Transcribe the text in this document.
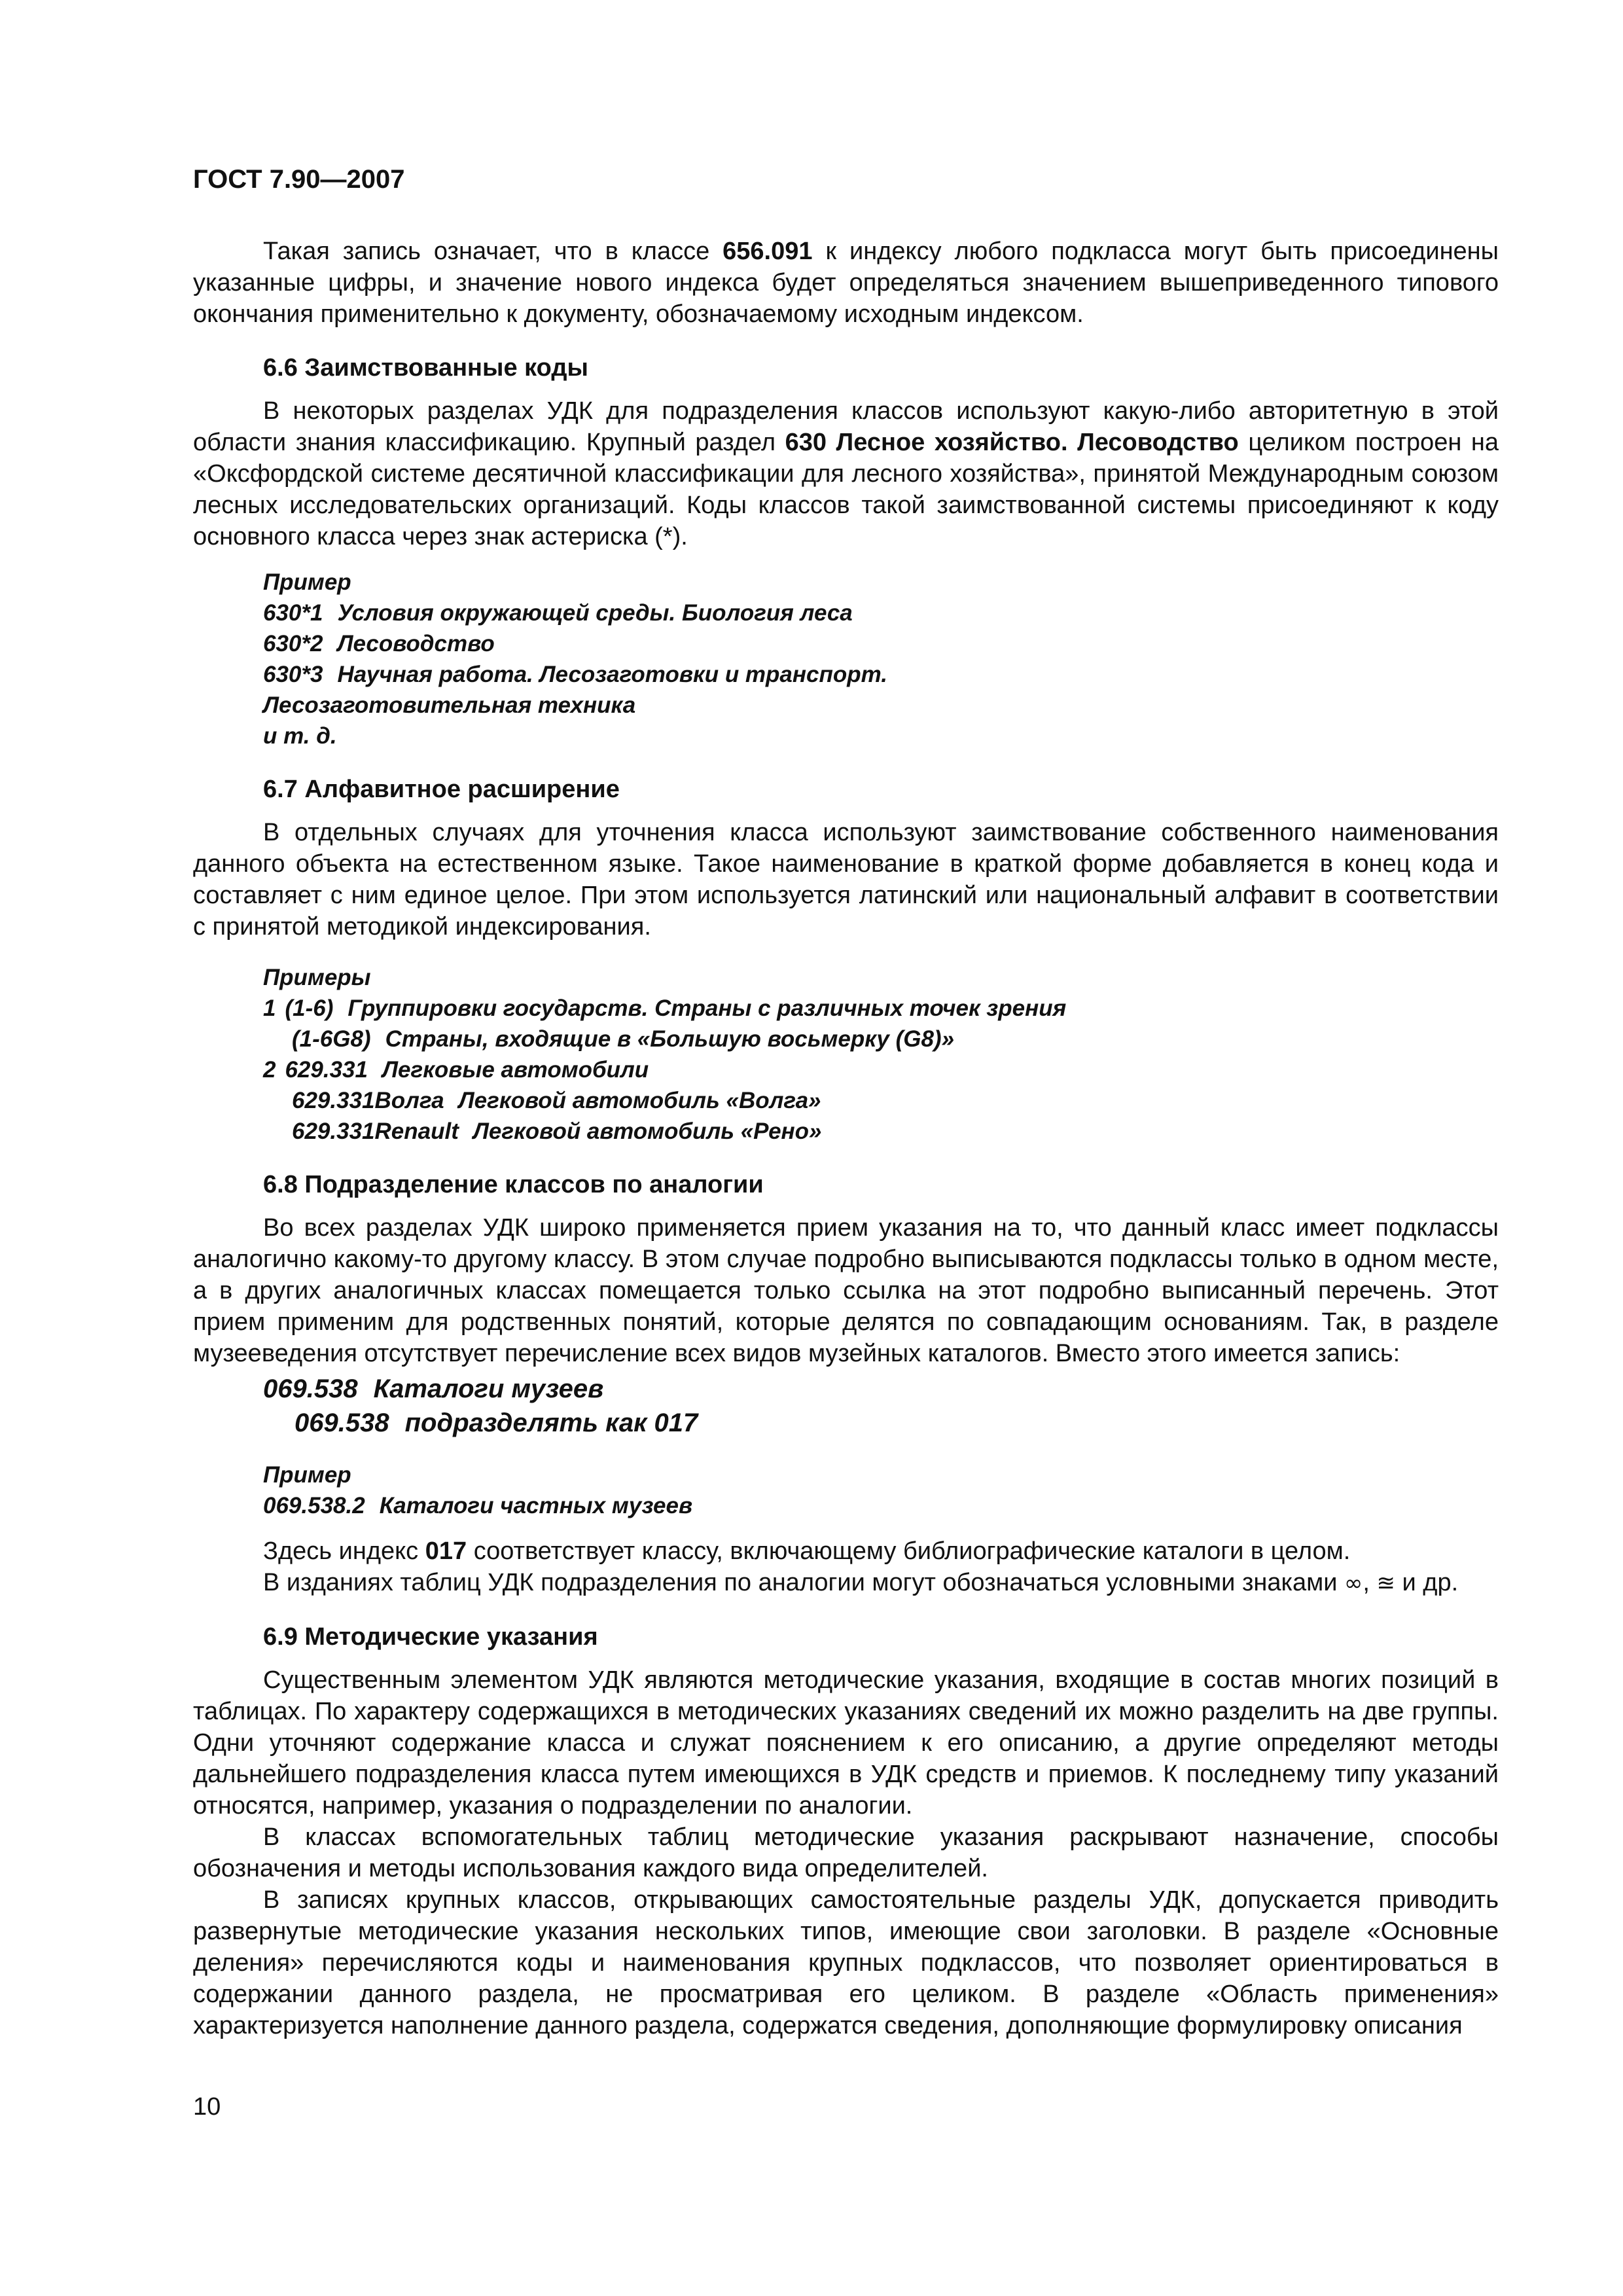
ГОСТ 7.90—2007

Такая запись означает, что в классе 656.091 к индексу любого подкласса могут быть присоединены указанные цифры, и значение нового индекса будет определяться значением вышеприведенного типового окончания применительно к документу, обозначаемому исходным индексом.

6.6 Заимствованные коды

В некоторых разделах УДК для подразделения классов используют какую-либо авторитетную в этой области знания классификацию. Крупный раздел 630 Лесное хозяйство. Лесоводство целиком построен на «Оксфордской системе десятичной классификации для лесного хозяйства», принятой Международным союзом лесных исследовательских организаций. Коды классов такой заимствованной системы присоединяют к коду основного класса через знак астериска (*).

Пример
630*1 Условия окружающей среды. Биология леса
630*2 Лесоводство
630*3 Научная работа. Лесозаготовки и транспорт.
Лесозаготовительная техника
и т. д.

6.7 Алфавитное расширение

В отдельных случаях для уточнения класса используют заимствование собственного наименования данного объекта на естественном языке. Такое наименование в краткой форме добавляется в конец кода и составляет с ним единое целое. При этом используется латинский или национальный алфавит в соответствии с принятой методикой индексирования.

Примеры
1 (1-6) Группировки государств. Страны с различных точек зрения
(1-6G8) Страны, входящие в «Большую восьмерку (G8)»
2 629.331 Легковые автомобили
629.331Волга Легковой автомобиль «Волга»
629.331Renault Легковой автомобиль «Рено»

6.8 Подразделение классов по аналогии

Во всех разделах УДК широко применяется прием указания на то, что данный класс имеет подклассы аналогично какому-то другому классу. В этом случае подробно выписываются подклассы только в одном месте, а в других аналогичных классах помещается только ссылка на этот подробно выписанный перечень. Этот прием применим для родственных понятий, которые делятся по совпадающим основаниям. Так, в разделе музееведения отсутствует перечисление всех видов музейных каталогов. Вместо этого имеется запись:

069.538 Каталоги музеев
069.538 подразделять как 017
Пример
069.538.2 Каталоги частных музеев

Здесь индекс 017 соответствует классу, включающему библиографические каталоги в целом.

В изданиях таблиц УДК подразделения по аналогии могут обозначаться условными знаками ∞, ≊ и др.

6.9 Методические указания

Существенным элементом УДК являются методические указания, входящие в состав многих позиций в таблицах. По характеру содержащихся в методических указаниях сведений их можно разделить на две группы. Одни уточняют содержание класса и служат пояснением к его описанию, а другие определяют методы дальнейшего подразделения класса путем имеющихся в УДК средств и приемов. К последнему типу указаний относятся, например, указания о подразделении по аналогии.

В классах вспомогательных таблиц методические указания раскрывают назначение, способы обозначения и методы использования каждого вида определителей.

В записях крупных классов, открывающих самостоятельные разделы УДК, допускается приводить развернутые методические указания нескольких типов, имеющие свои заголовки. В разделе «Основные деления» перечисляются коды и наименования крупных подклассов, что позволяет ориентироваться в содержании данного раздела, не просматривая его целиком. В разделе «Область применения» характеризуется наполнение данного раздела, содержатся сведения, дополняющие формулировку описания

10
